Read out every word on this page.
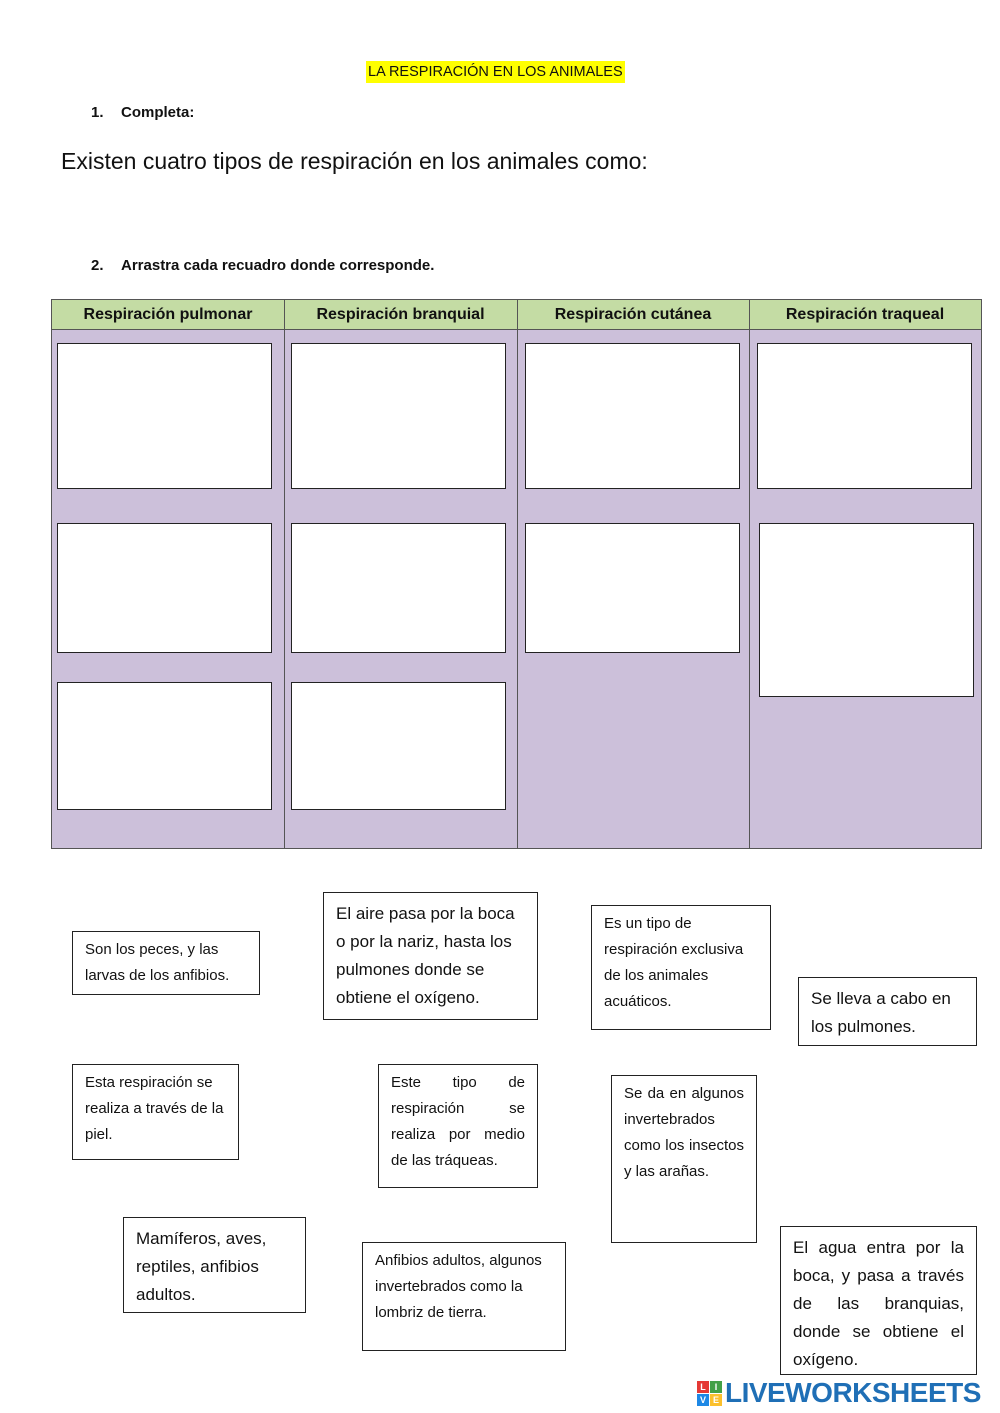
LA RESPIRACIÓN EN LOS ANIMALES
1. Completa:
Existen cuatro tipos de respiración en los animales como:
2. Arrastra cada recuadro donde corresponde.
Respiración pulmonar	Respiración branquial	Respiración cutánea	Respiración traqueal
Son los peces, y las larvas de los anfibios.
El aire pasa por la boca o por la nariz, hasta los pulmones donde se obtiene el oxígeno.
Es un tipo de respiración exclusiva de los animales acuáticos.	Se lleva a cabo en los pulmones.
Esta respiración se realiza a través de la piel.
Este tipo de respiración se realiza por medio de las tráqueas.
Se da en algunos invertebrados como los insectos y las arañas.
Mamíferos, aves, reptiles, anfibios adultos.
Anfibios adultos, algunos invertebrados como la lombriz de tierra.
El agua entra por la boca, y pasa a través de las branquias, donde se obtiene el oxígeno.
L I
V E LIVEWORKSHEETS
